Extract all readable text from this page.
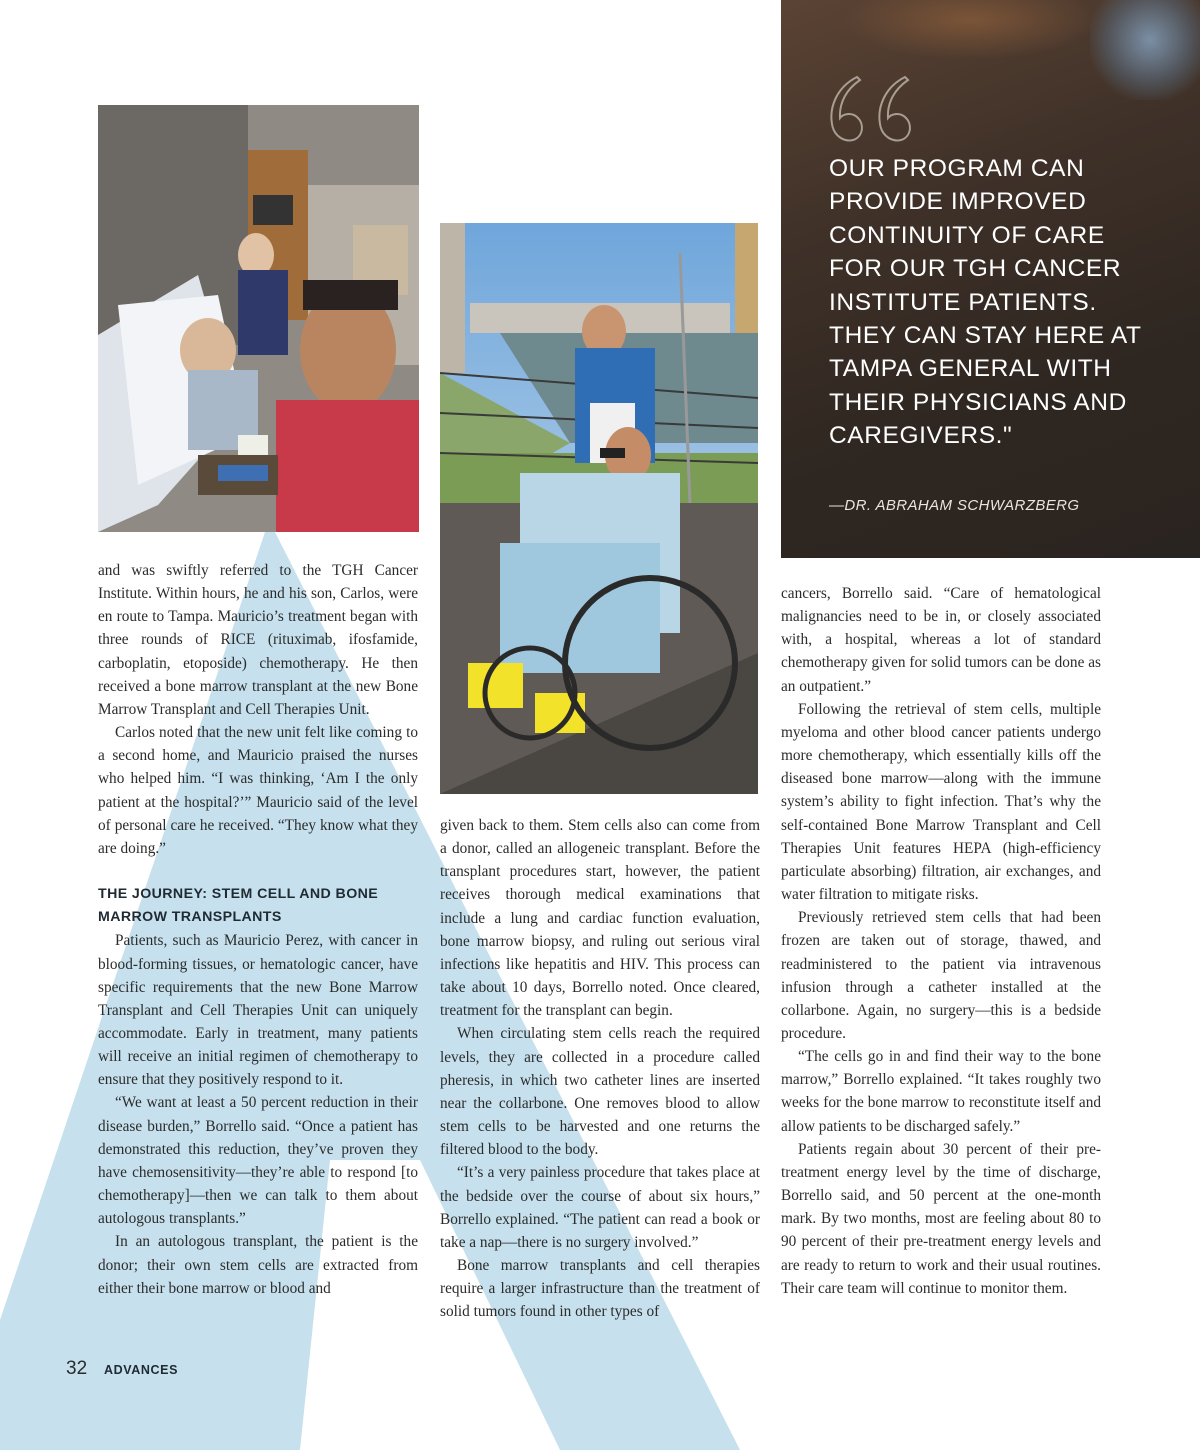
OUR PROGRAM CAN PROVIDE IMPROVED CONTINUITY OF CARE FOR OUR TGH CANCER INSTITUTE PATIENTS. THEY CAN STAY HERE AT TAMPA GENERAL WITH THEIR PHYSICIANS AND CAREGIVERS."
—DR. ABRAHAM SCHWARZBERG

and was swiftly referred to the TGH Cancer Institute. Within hours, he and his son, Carlos, were en route to Tampa. Mauricio’s treatment began with three rounds of RICE (rituximab, ifosfamide, carboplatin, etoposide) chemotherapy. He then received a bone marrow transplant at the new Bone Marrow Transplant and Cell Therapies Unit.

Carlos noted that the new unit felt like coming to a second home, and Mauricio praised the nurses who helped him. “I was thinking, ‘Am I the only patient at the hospital?’” Mauricio said of the level of personal care he received. “They know what they are doing.”

THE JOURNEY: STEM CELL AND BONE MARROW TRANSPLANTS

Patients, such as Mauricio Perez, with cancer in blood-forming tissues, or hematologic cancer, have specific requirements that the new Bone Marrow Transplant and Cell Therapies Unit can uniquely accommodate. Early in treatment, many patients will receive an initial regimen of chemotherapy to ensure that they positively respond to it.

“We want at least a 50 percent reduction in their disease burden,” Borrello said. “Once a patient has demonstrated this reduction, they’ve proven they have chemosensitivity—they’re able to respond [to chemotherapy]—then we can talk to them about autologous transplants.”

In an autologous transplant, the patient is the donor; their own stem cells are extracted from either their bone marrow or blood and

given back to them. Stem cells also can come from a donor, called an allogeneic transplant. Before the transplant procedures start, however, the patient receives thorough medical examinations that include a lung and cardiac function evaluation, bone marrow biopsy, and ruling out serious viral infections like hepatitis and HIV. This process can take about 10 days, Borrello noted. Once cleared, treatment for the transplant can begin.

When circulating stem cells reach the required levels, they are collected in a procedure called pheresis, in which two catheter lines are inserted near the collarbone. One removes blood to allow stem cells to be harvested and one returns the filtered blood to the body.

“It’s a very painless procedure that takes place at the bedside over the course of about six hours,” Borrello explained. “The patient can read a book or take a nap—there is no surgery involved.”

Bone marrow transplants and cell therapies require a larger infrastructure than the treatment of solid tumors found in other types of

cancers, Borrello said. “Care of hematological malignancies need to be in, or closely associated with, a hospital, whereas a lot of standard chemotherapy given for solid tumors can be done as an outpatient.”

Following the retrieval of stem cells, multiple myeloma and other blood cancer patients undergo more chemotherapy, which essentially kills off the diseased bone marrow—along with the immune system’s ability to fight infection. That’s why the self-contained Bone Marrow Transplant and Cell Therapies Unit features HEPA (high-efficiency particulate absorbing) filtration, air exchanges, and water filtration to mitigate risks.

Previously retrieved stem cells that had been frozen are taken out of storage, thawed, and readministered to the patient via intravenous infusion through a catheter installed at the collarbone. Again, no surgery—this is a bedside procedure.

“The cells go in and find their way to the bone marrow,” Borrello explained. “It takes roughly two weeks for the bone marrow to reconstitute itself and allow patients to be discharged safely.”

Patients regain about 30 percent of their pre-treatment energy level by the time of discharge, Borrello said, and 50 percent at the one-month mark. By two months, most are feeling about 80 to 90 percent of their pre-treatment energy levels and are ready to return to work and their usual routines. Their care team will continue to monitor them.

32 ADVANCES
